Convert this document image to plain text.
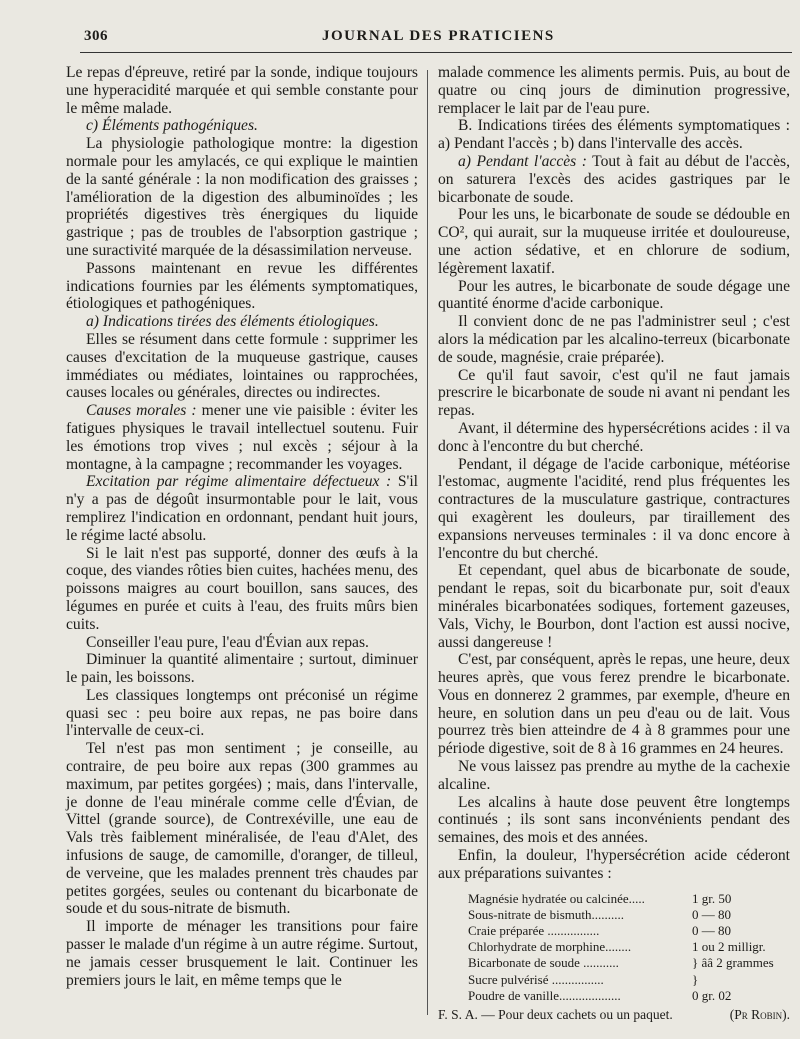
306	JOURNAL DES PRATICIENS

Le repas d'épreuve, retiré par la sonde, indique toujours une hyperacidité marquée et qui semble constante pour le même malade.

c) Éléments pathogéniques.

La physiologie pathologique montre: la digestion normale pour les amylacés, ce qui explique le maintien de la santé générale : la non modification des graisses ; l'amélioration de la digestion des albuminoïdes ; les propriétés digestives très énergiques du liquide gastrique ; pas de troubles de l'absorption gastrique ; une suractivité marquée de la désassimilation nerveuse.

Passons maintenant en revue les différentes indications fournies par les éléments symptomatiques, étiologiques et pathogéniques.

a) Indications tirées des éléments étiologiques.

Elles se résument dans cette formule : supprimer les causes d'excitation de la muqueuse gastrique, causes immédiates ou médiates, lointaines ou rapprochées, causes locales ou générales, directes ou indirectes.

Causes morales : mener une vie paisible : éviter les fatigues physiques le travail intellectuel soutenu. Fuir les émotions trop vives ; nul excès ; séjour à la montagne, à la campagne ; recommander les voyages.

Excitation par régime alimentaire défectueux : S'il n'y a pas de dégoût insurmontable pour le lait, vous remplirez l'indication en ordonnant, pendant huit jours, le régime lacté absolu.

Si le lait n'est pas supporté, donner des œufs à la coque, des viandes rôties bien cuites, hachées menu, des poissons maigres au court bouillon, sans sauces, des légumes en purée et cuits à l'eau, des fruits mûrs bien cuits.

Conseiller l'eau pure, l'eau d'Évian aux repas.

Diminuer la quantité alimentaire ; surtout, diminuer le pain, les boissons.

Les classiques longtemps ont préconisé un régime quasi sec : peu boire aux repas, ne pas boire dans l'intervalle de ceux-ci.

Tel n'est pas mon sentiment ; je conseille, au contraire, de peu boire aux repas (300 grammes au maximum, par petites gorgées) ; mais, dans l'intervalle, je donne de l'eau minérale comme celle d'Évian, de Vittel (grande source), de Contrexéville, une eau de Vals très faiblement minéralisée, de l'eau d'Alet, des infusions de sauge, de camomille, d'oranger, de tilleul, de verveine, que les malades prennent très chaudes par petites gorgées, seules ou contenant du bicarbonate de soude et du sous-nitrate de bismuth.

Il importe de ménager les transitions pour faire passer le malade d'un régime à un autre régime. Surtout, ne jamais cesser brusquement le lait. Continuer les premiers jours le lait, en même temps que le

malade commence les aliments permis. Puis, au bout de quatre ou cinq jours de diminution progressive, remplacer le lait par de l'eau pure.

B. Indications tirées des éléments symptomatiques : a) Pendant l'accès ; b) dans l'intervalle des accès.

a) Pendant l'accès : Tout à fait au début de l'accès, on saturera l'excès des acides gastriques par le bicarbonate de soude.

Pour les uns, le bicarbonate de soude se dédouble en CO², qui aurait, sur la muqueuse irritée et douloureuse, une action sédative, et en chlorure de sodium, légèrement laxatif.

Pour les autres, le bicarbonate de soude dégage une quantité énorme d'acide carbonique.

Il convient donc de ne pas l'administrer seul ; c'est alors la médication par les alcalino-terreux (bicarbonate de soude, magnésie, craie préparée).

Ce qu'il faut savoir, c'est qu'il ne faut jamais prescrire le bicarbonate de soude ni avant ni pendant les repas.

Avant, il détermine des hypersécrétions acides : il va donc à l'encontre du but cherché.

Pendant, il dégage de l'acide carbonique, météorise l'estomac, augmente l'acidité, rend plus fréquentes les contractures de la musculature gastrique, contractures qui exagèrent les douleurs, par tiraillement des expansions nerveuses terminales : il va donc encore à l'encontre du but cherché.

Et cependant, quel abus de bicarbonate de soude, pendant le repas, soit du bicarbonate pur, soit d'eaux minérales bicarbonatées sodiques, fortement gazeuses, Vals, Vichy, le Bourbon, dont l'action est aussi nocive, aussi dangereuse !

C'est, par conséquent, après le repas, une heure, deux heures après, que vous ferez prendre le bicarbonate. Vous en donnerez 2 grammes, par exemple, d'heure en heure, en solution dans un peu d'eau ou de lait. Vous pourrez très bien atteindre de 4 à 8 grammes pour une période digestive, soit de 8 à 16 grammes en 24 heures.

Ne vous laissez pas prendre au mythe de la cachexie alcaline.

Les alcalins à haute dose peuvent être longtemps continués ; ils sont sans inconvénients pendant des semaines, des mois et des années.

Enfin, la douleur, l'hypersécrétion acide céderont aux préparations suivantes :

Magnésie hydratée ou calcinée.....	1 gr. 50
Sous-nitrate de bismuth..........	0 — 80
Craie préparée ................	0 — 80
Chlorhydrate de morphine........	1 ou 2 milligr.
Bicarbonate de soude ...........	} ââ 2 grammes
Sucre pulvérisé ................	}
Poudre de vanille...................	0 gr. 02
F. S. A. — Pour deux cachets ou un paquet.	(Pr Robin).
